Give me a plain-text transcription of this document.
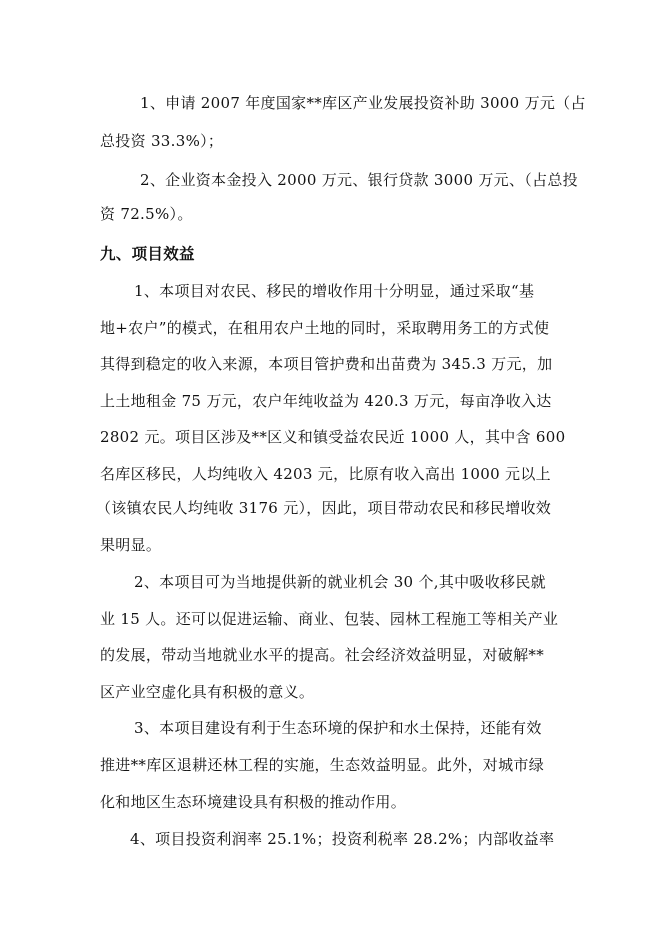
1、申请 2007 年度国家**库区产业发展投资补助 3000 万元（占
总投资 33.3%）；
2、企业资本金投入 2000 万元、银行贷款 3000 万元、（占总投
资 72.5%）。
九、项目效益
1、本项目对农民、移民的增收作用十分明显，通过采取“基
地+农户”的模式，在租用农户土地的同时，采取聘用务工的方式使
其得到稳定的收入来源，本项目管护费和出苗费为 345.3 万元，加
上土地租金 75 万元，农户年纯收益为 420.3 万元，每亩净收入达
2802 元。项目区涉及**区义和镇受益农民近 1000 人，其中含 600
名库区移民，人均纯收入 4203 元，比原有收入高出 1000 元以上
（该镇农民人均纯收 3176 元），因此，项目带动农民和移民增收效
果明显。
2、本项目可为当地提供新的就业机会 30 个,其中吸收移民就
业 15 人。还可以促进运输、商业、包装、园林工程施工等相关产业
的发展，带动当地就业水平的提高。社会经济效益明显，对破解**
区产业空虚化具有积极的意义。
3、本项目建设有利于生态环境的保护和水土保持，还能有效
推进**库区退耕还林工程的实施，生态效益明显。此外，对城市绿
化和地区生态环境建设具有积极的推动作用。
4、项目投资利润率 25.1%；投资利税率 28.2%；内部收益率
